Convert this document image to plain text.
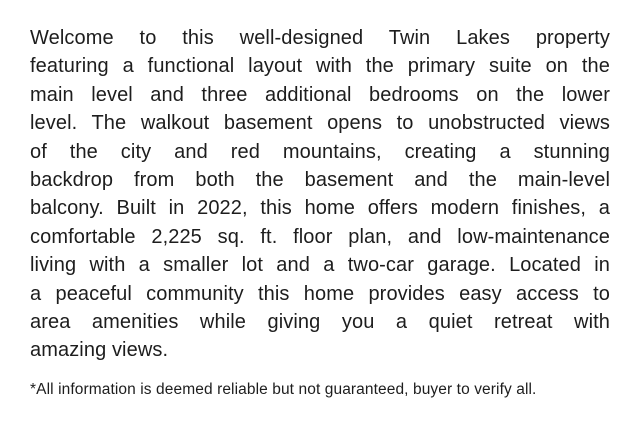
Welcome to this well-designed Twin Lakes property
featuring a functional layout with the primary suite on the
main level and three additional bedrooms on the lower
level. The walkout basement opens to unobstructed views
of the city and red mountains, creating a stunning
backdrop from both the basement and the main-level
balcony. Built in 2022, this home offers modern finishes, a
comfortable 2,225 sq. ft. floor plan, and low-maintenance
living with a smaller lot and a two-car garage. Located in
a peaceful community this home provides easy access to
area amenities while giving you a quiet retreat with
amazing views.
*All information is deemed reliable but not guaranteed, buyer to verify all.
